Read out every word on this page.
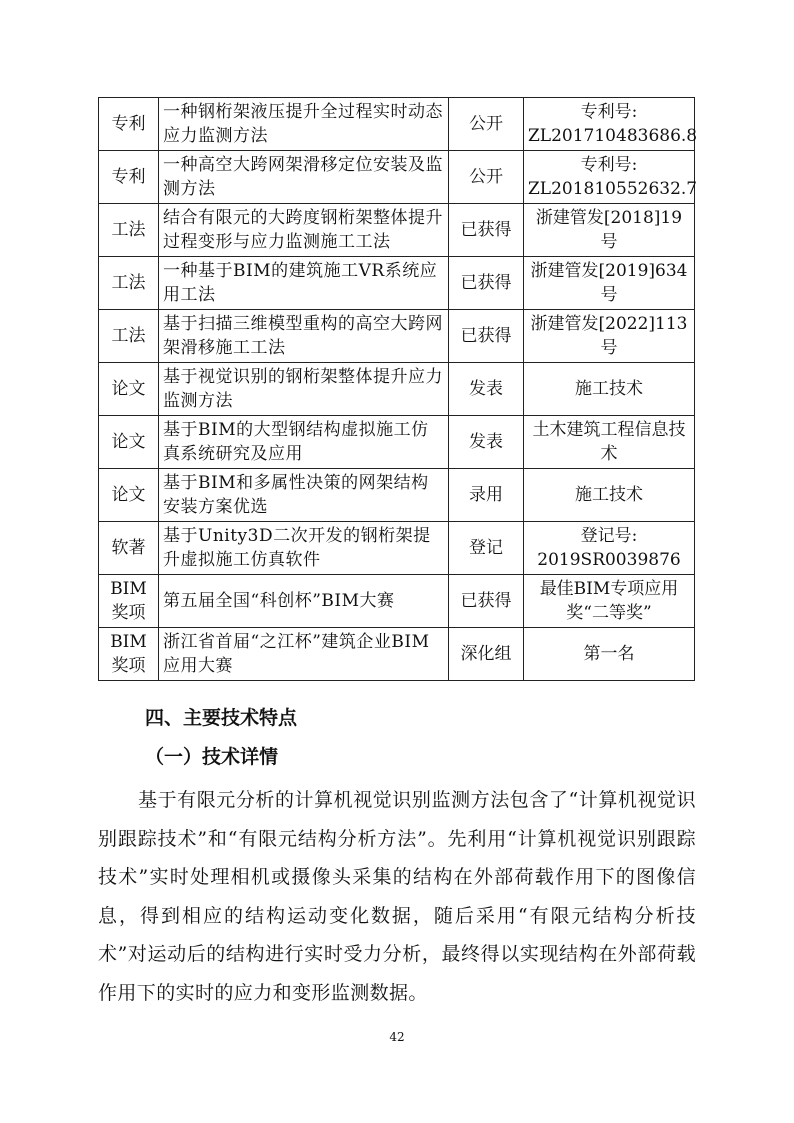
专利	一种钢桁架液压提升全过程实时动态应力监测方法	公开	专利号:
ZL201710483686.8
专利	一种高空大跨网架滑移定位安装及监测方法	公开	专利号:
ZL201810552632.7
工法	结合有限元的大跨度钢桁架整体提升过程变形与应力监测施工工法	已获得	浙建管发[2018]19号
工法	一种基于BIM的建筑施工VR系统应用工法	已获得	浙建管发[2019]634号
工法	基于扫描三维模型重构的高空大跨网架滑移施工工法	已获得	浙建管发[2022]113号
论文	基于视觉识别的钢桁架整体提升应力监测方法	发表	施工技术
论文	基于BIM的大型钢结构虚拟施工仿真系统研究及应用	发表	土木建筑工程信息技术
论文	基于BIM和多属性决策的网架结构安装方案优选	录用	施工技术
软著	基于Unity3D二次开发的钢桁架提升虚拟施工仿真软件	登记	登记号:
2019SR0039876
BIM奖项	第五届全国“科创杯”BIM大赛	已获得	最佳BIM专项应用奖“二等奖”
BIM奖项	浙江省首届“之江杯”建筑企业BIM应用大赛	深化组	第一名
四、主要技术特点
（一）技术详情
基于有限元分析的计算机视觉识别监测方法包含了“计算机视觉识别跟踪技术”和“有限元结构分析方法”。先利用“计算机视觉识别跟踪技术”实时处理相机或摄像头采集的结构在外部荷载作用下的图像信息，得到相应的结构运动变化数据，随后采用“有限元结构分析技术”对运动后的结构进行实时受力分析，最终得以实现结构在外部荷载作用下的实时的应力和变形监测数据。
42
